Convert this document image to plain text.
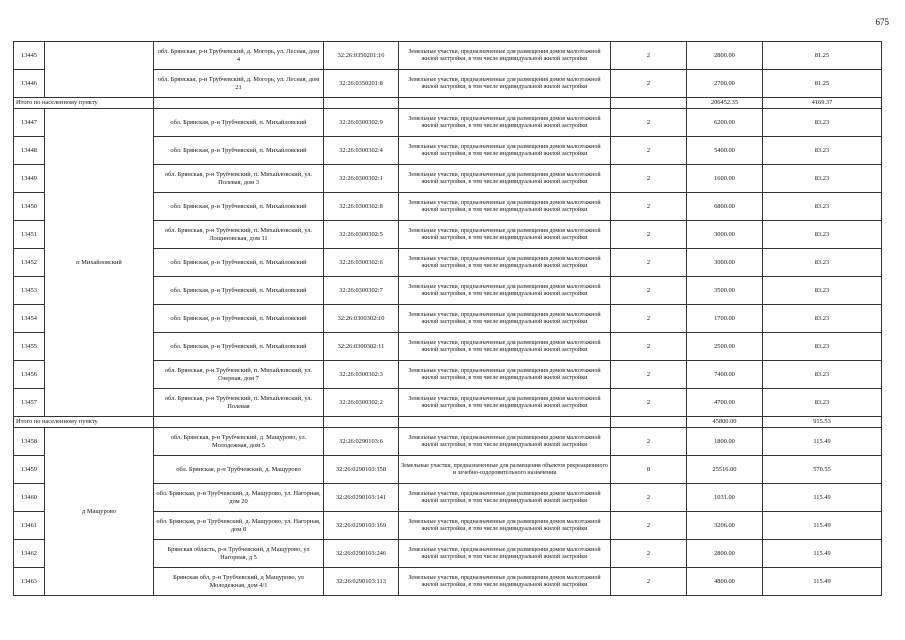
675
13445		обл. Брянская, р-н Трубчевский, д. Могорь, ул. Лесная, дом 4	32:26:0350201:16	Земельные участки, предназначенные для размещения домов малоэтажной жилой застройки, в том числе индивидуальной жилой застройки	2	2800.00	81.25	
13446		обл. Брянская, р-н Трубчевский, д. Могорь, ул. Лесная, дом 21	32:26:0350201:8	Земельные участки, предназначенные для размещения домов малоэтажной жилой застройки, в том числе индивидуальной жилой застройки	2	2700.00	81.25	
Итого по населенному пункту						206452.35	4169.37	
13447	п Михайловский	обл. Брянская, р-н Трубчевский, п. Михайловский	32:26:0300302:9	Земельные участки, предназначенные для размещения домов малоэтажной жилой застройки, в том числе индивидуальной жилой застройки	2	6200.00	83.23	
13448		обл. Брянская, р-н Трубчевский, п. Михайловский	32:26:0300302:4	Земельные участки, предназначенные для размещения домов малоэтажной жилой застройки, в том числе индивидуальной жилой застройки	2	5400.00	83.23	
13449		обл. Брянская, р-н Трубчевский, п. Михайловский, ул. Полевая, дом 3	32:26:0300302:1	Земельные участки, предназначенные для размещения домов малоэтажной жилой застройки, в том числе индивидуальной жилой застройки	2	1600.00	83.23	
13450		обл. Брянская, р-н Трубчевский, п. Михайловский	32:26:0300302:8	Земельные участки, предназначенные для размещения домов малоэтажной жилой застройки, в том числе индивидуальной жилой застройки	2	6800.00	83.23	
13451		обл. Брянская, р-н Трубчевский, п. Михайловский, ул. Лощиновская, дом 11	32:26:0300302:5	Земельные участки, предназначенные для размещения домов малоэтажной жилой застройки, в том числе индивидуальной жилой застройки	2	3000.00	83.23	
13452		обл. Брянская, р-н Трубчевский, п. Михайловский	32:26:0300302:6	Земельные участки, предназначенные для размещения домов малоэтажной жилой застройки, в том числе индивидуальной жилой застройки	2	3000.00	83.23	
13453		обл. Брянская, р-н Трубчевский, п. Михайловский	32:26:0300302:7	Земельные участки, предназначенные для размещения домов малоэтажной жилой застройки, в том числе индивидуальной жилой застройки	2	3500.00	83.23	
13454		обл. Брянская, р-н Трубчевский, п. Михайловский	32:26:0300302:10	Земельные участки, предназначенные для размещения домов малоэтажной жилой застройки, в том числе индивидуальной жилой застройки	2	1700.00	83.23	
13455		обл. Брянская, р-н Трубчевский, п. Михайловский	32:26:0300302:11	Земельные участки, предназначенные для размещения домов малоэтажной жилой застройки, в том числе индивидуальной жилой застройки	2	2500.00	83.23	
13456		обл. Брянская, р-н Трубчевский, п. Михайловский, ул. Озерная, дом 7	32:26:0300302:3	Земельные участки, предназначенные для размещения домов малоэтажной жилой застройки, в том числе индивидуальной жилой застройки	2	7400.00	83.23	
13457		обл. Брянская, р-н Трубчевский, п. Михайловский, ул. Полевая	32:26:0300302:2	Земельные участки, предназначенные для размещения домов малоэтажной жилой застройки, в том числе индивидуальной жилой застройки	2	4700.00	83.23	
Итого по населенному пункту						45800.00	915.53	
13458	д Мащурово	обл. Брянская, р-н Трубчевский, д. Мащурово, ул. Молодежная, дом 5	32:26:0290103:6	Земельные участки, предназначенные для размещения домов малоэтажной жилой застройки, в том числе индивидуальной жилой застройки	2	1800.00	115.49	
13459		обл. Брянская, р-н Трубчевский, д. Мащурово	32:26:0290103:158	Земельные участки, предназначенные для размещения объектов рекреационного и лечебно-оздоровительного назначения	8	25516.00	570.55	
13460		обл. Брянская, р-н Трубчевский, д. Мащурово, ул. Нагорная, дом 20	32:26:0290103:141	Земельные участки, предназначенные для размещения домов малоэтажной жилой застройки, в том числе индивидуальной жилой застройки	2	1031.00	115.49	
13461		обл. Брянская, р-н Трубчевский, д. Мащурово, ул. Нагорная, дом 8	32:26:0290103:169	Земельные участки, предназначенные для размещения домов малоэтажной жилой застройки, в том числе индивидуальной жилой застройки	2	3206.00	115.49	
13462		Брянская область, р-н Трубчевский, д Мащурово, ул Нагорная, д 5	32:26:0290103:246	Земельные участки, предназначенные для размещения домов малоэтажной жилой застройки, в том числе индивидуальной жилой застройки	2	2800.00	115.49	
13463		Брянская обл, р-н Трубчевский, д Мащурово, ул Молодежная, дом 4/1	32:26:0290103:113	Земельные участки, предназначенные для размещения домов малоэтажной жилой застройки, в том числе индивидуальной жилой застройки	2	4800.00	115.49	
